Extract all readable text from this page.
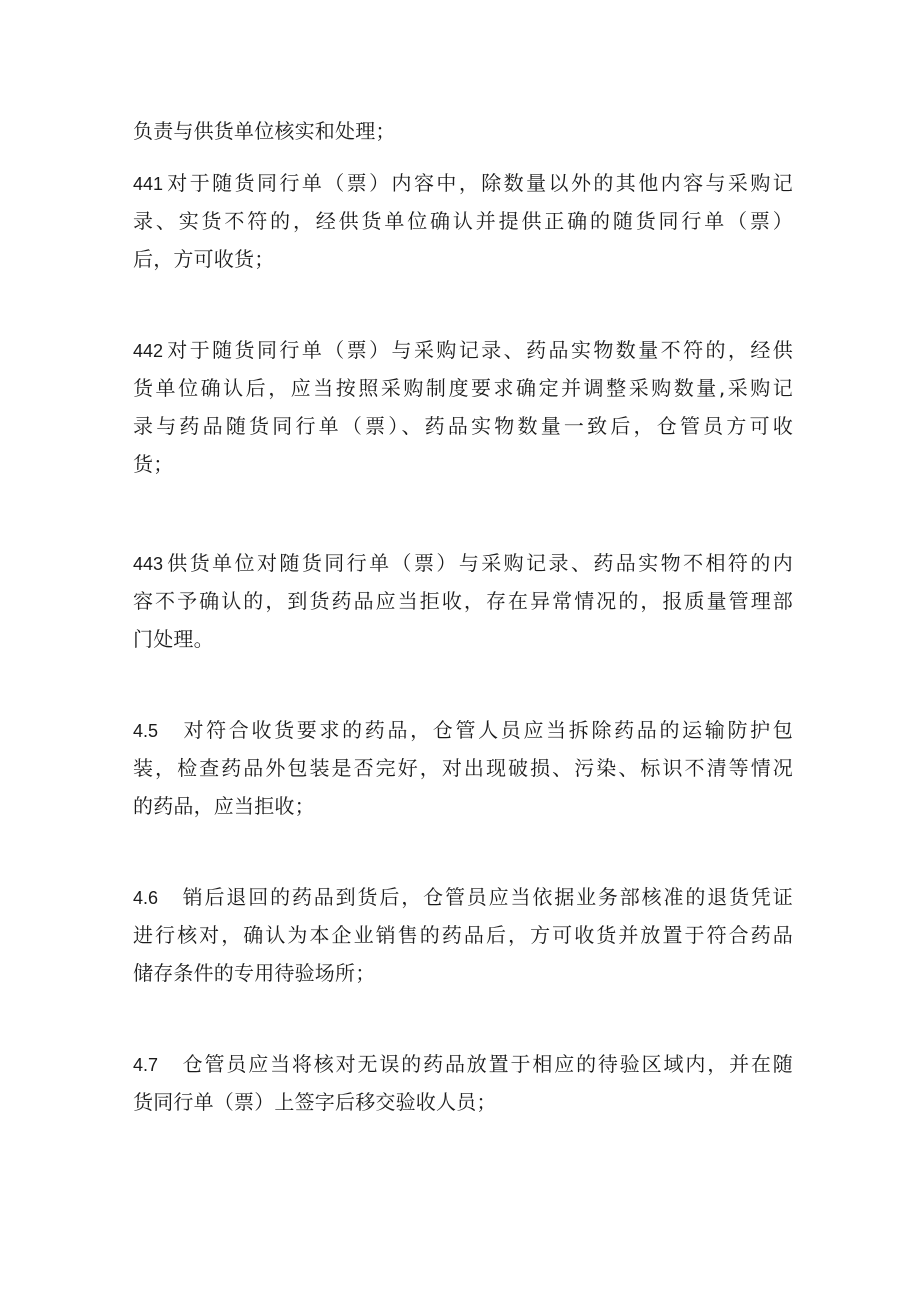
负责与供货单位核实和处理；
441 对于随货同行单（票）内容中，除数量以外的其他内容与采购记
录、实货不符的，经供货单位确认并提供正确的随货同行单（票）
后，方可收货；
442 对于随货同行单（票）与采购记录、药品实物数量不符的，经供
货单位确认后，应当按照采购制度要求确定并调整采购数量,采购记
录与药品随货同行单（票）、药品实物数量一致后，仓管员方可收
货；
443 供货单位对随货同行单（票）与采购记录、药品实物不相符的内
容不予确认的，到货药品应当拒收，存在异常情况的，报质量管理部
门处理。
4.5 对符合收货要求的药品，仓管人员应当拆除药品的运输防护包
装，检查药品外包装是否完好，对出现破损、污染、标识不清等情况
的药品，应当拒收；
4.6 销后退回的药品到货后，仓管员应当依据业务部核准的退货凭证
进行核对，确认为本企业销售的药品后，方可收货并放置于符合药品
储存条件的专用待验场所；
4.7 仓管员应当将核对无误的药品放置于相应的待验区域内，并在随
货同行单（票）上签字后移交验收人员；
